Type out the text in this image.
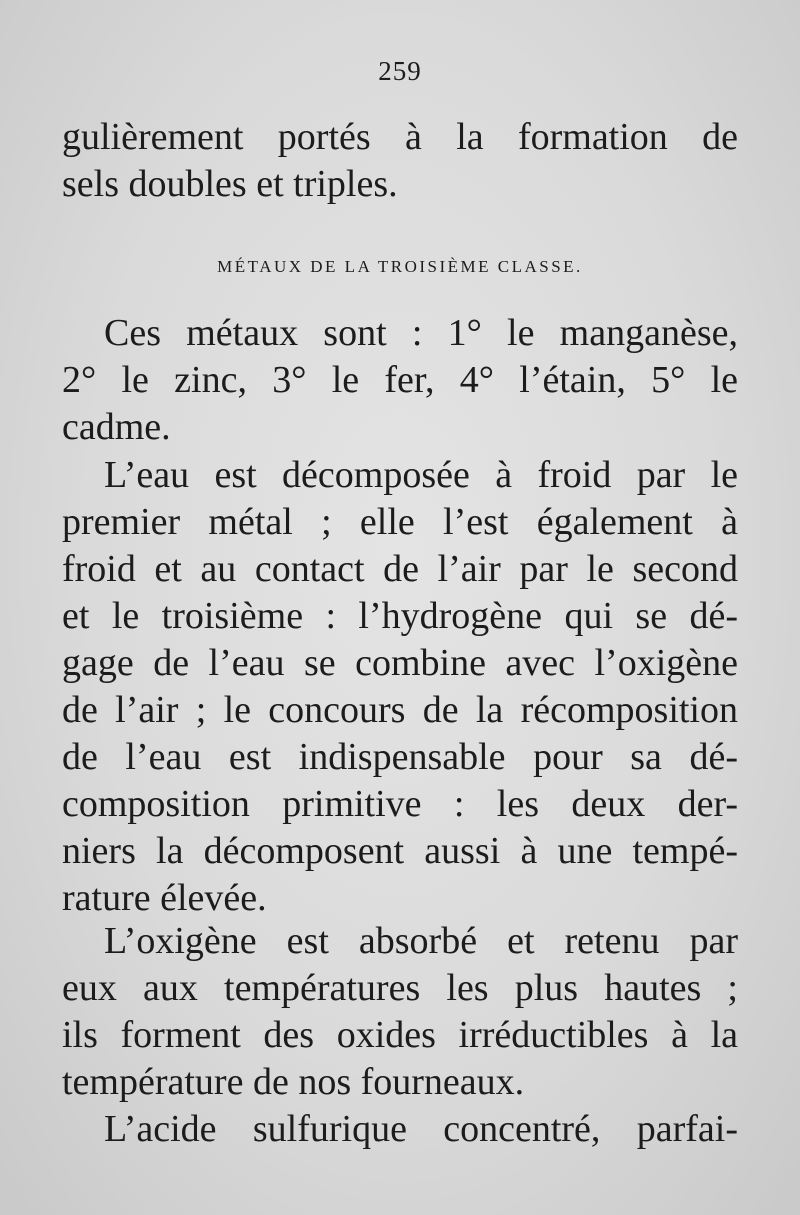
259

gulièrement portés à la formation de
sels doubles et triples.

MÉTAUX DE LA TROISIÈME CLASSE.

Ces métaux sont : 1° le manganèse,
2° le zinc, 3° le fer, 4° l’étain, 5° le
cadme.

L’eau est décomposée à froid par le
premier métal ; elle l’est également à
froid et au contact de l’air par le second
et le troisième : l’hydrogène qui se dé-
gage de l’eau se combine avec l’oxigène
de l’air ; le concours de la récomposition
de l’eau est indispensable pour sa dé-
composition primitive : les deux der-
niers la décomposent aussi à une tempé-
rature élevée.

L’oxigène est absorbé et retenu par
eux aux températures les plus hautes ;
ils forment des oxides irréductibles à la
température de nos fourneaux.

L’acide sulfurique concentré, parfai-
